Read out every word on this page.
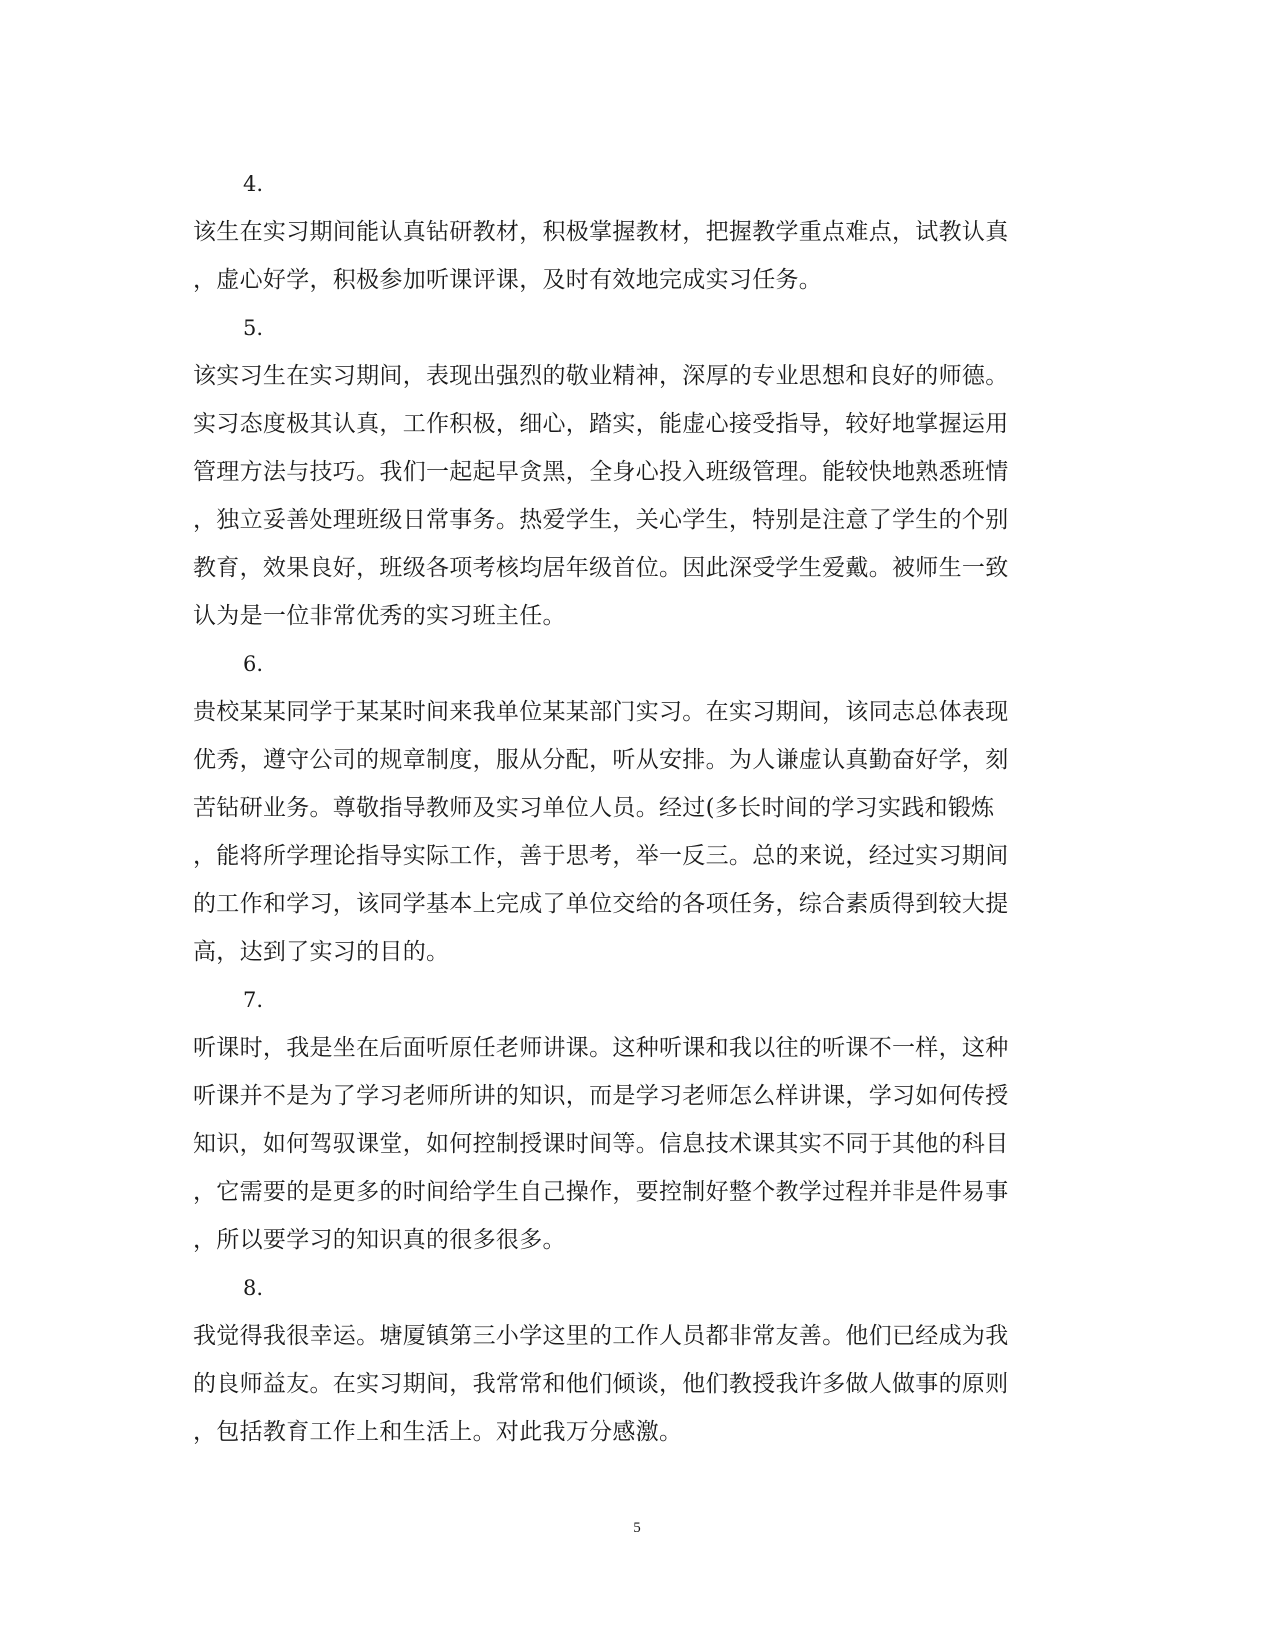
4.
该生在实习期间能认真钻研教材，积极掌握教材，把握教学重点难点，试教认真
，虚心好学，积极参加听课评课，及时有效地完成实习任务。
5.
该实习生在实习期间，表现出强烈的敬业精神，深厚的专业思想和良好的师德。
实习态度极其认真，工作积极，细心，踏实，能虚心接受指导，较好地掌握运用
管理方法与技巧。我们一起起早贪黑，全身心投入班级管理。能较快地熟悉班情
，独立妥善处理班级日常事务。热爱学生，关心学生，特别是注意了学生的个别
教育，效果良好，班级各项考核均居年级首位。因此深受学生爱戴。被师生一致
认为是一位非常优秀的实习班主任。
6.
贵校某某同学于某某时间来我单位某某部门实习。在实习期间，该同志总体表现
优秀，遵守公司的规章制度，服从分配，听从安排。为人谦虚认真勤奋好学，刻
苦钻研业务。尊敬指导教师及实习单位人员。经过(多长时间的学习实践和锻炼
，能将所学理论指导实际工作，善于思考，举一反三。总的来说，经过实习期间
的工作和学习，该同学基本上完成了单位交给的各项任务，综合素质得到较大提
高，达到了实习的目的。
7.
听课时，我是坐在后面听原任老师讲课。这种听课和我以往的听课不一样，这种
听课并不是为了学习老师所讲的知识，而是学习老师怎么样讲课，学习如何传授
知识，如何驾驭课堂，如何控制授课时间等。信息技术课其实不同于其他的科目
，它需要的是更多的时间给学生自己操作，要控制好整个教学过程并非是件易事
，所以要学习的知识真的很多很多。
8.
我觉得我很幸运。塘厦镇第三小学这里的工作人员都非常友善。他们已经成为我
的良师益友。在实习期间，我常常和他们倾谈，他们教授我许多做人做事的原则
，包括教育工作上和生活上。对此我万分感激。
5
